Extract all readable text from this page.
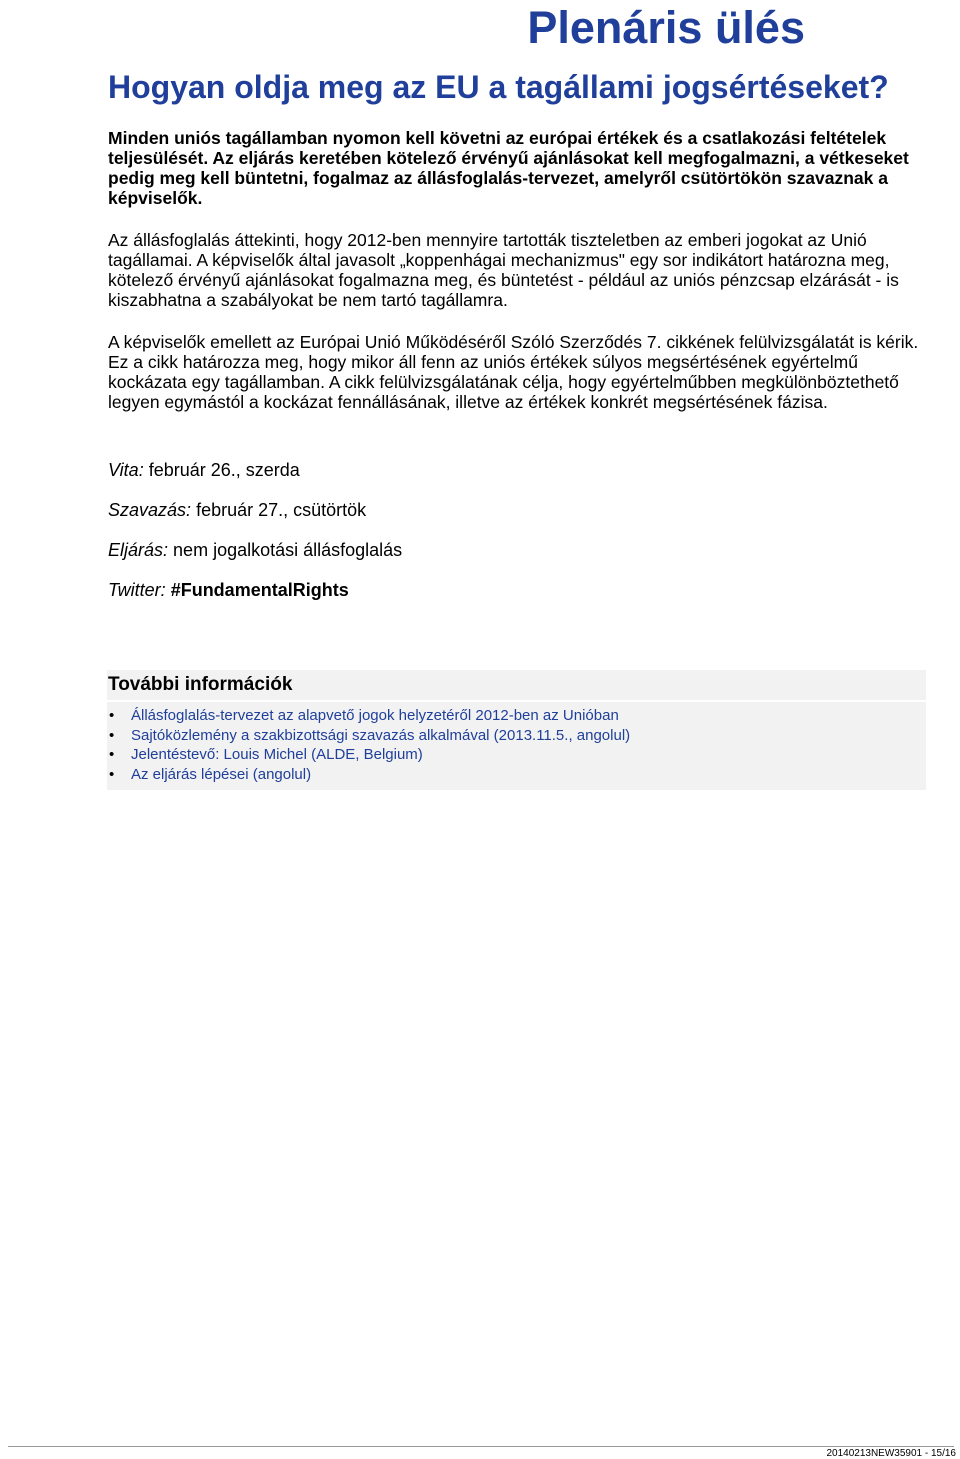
Plenáris ülés
Hogyan oldja meg az EU a tagállami jogsértéseket?

Minden uniós tagállamban nyomon kell követni az európai értékek és a csatlakozási feltételek teljesülését. Az eljárás keretében kötelező érvényű ajánlásokat kell megfogalmazni, a vétkeseket pedig meg kell büntetni, fogalmaz az állásfoglalás-tervezet, amelyről csütörtökön szavaznak a képviselők.

Az állásfoglalás áttekinti, hogy 2012-ben mennyire tartották tiszteletben az emberi jogokat az Unió tagállamai. A képviselők által javasolt „koppenhágai mechanizmus" egy sor indikátort határozna meg, kötelező érvényű ajánlásokat fogalmazna meg, és büntetést - például az uniós pénzcsap elzárását - is kiszabhatna a szabályokat be nem tartó tagállamra.

A képviselők emellett az Európai Unió Működéséről Szóló Szerződés 7. cikkének felülvizsgálatát is kérik. Ez a cikk határozza meg, hogy mikor áll fenn az uniós értékek súlyos megsértésének egyértelmű kockázata egy tagállamban. A cikk felülvizsgálatának célja, hogy egyértelműbben megkülönböztethető legyen egymástól a kockázat fennállásának, illetve az értékek konkrét megsértésének fázisa.

Vita: február 26., szerda

Szavazás: február 27., csütörtök

Eljárás: nem jogalkotási állásfoglalás

Twitter: #FundamentalRights

További információk
• Állásfoglalás-tervezet az alapvető jogok helyzetéről 2012-ben az Unióban
• Sajtóközlemény a szakbizottsági szavazás alkalmával (2013.11.5., angolul)
• Jelentéstevő: Louis Michel (ALDE, Belgium)
• Az eljárás lépései (angolul)
20140213NEW35901 - 15/16
